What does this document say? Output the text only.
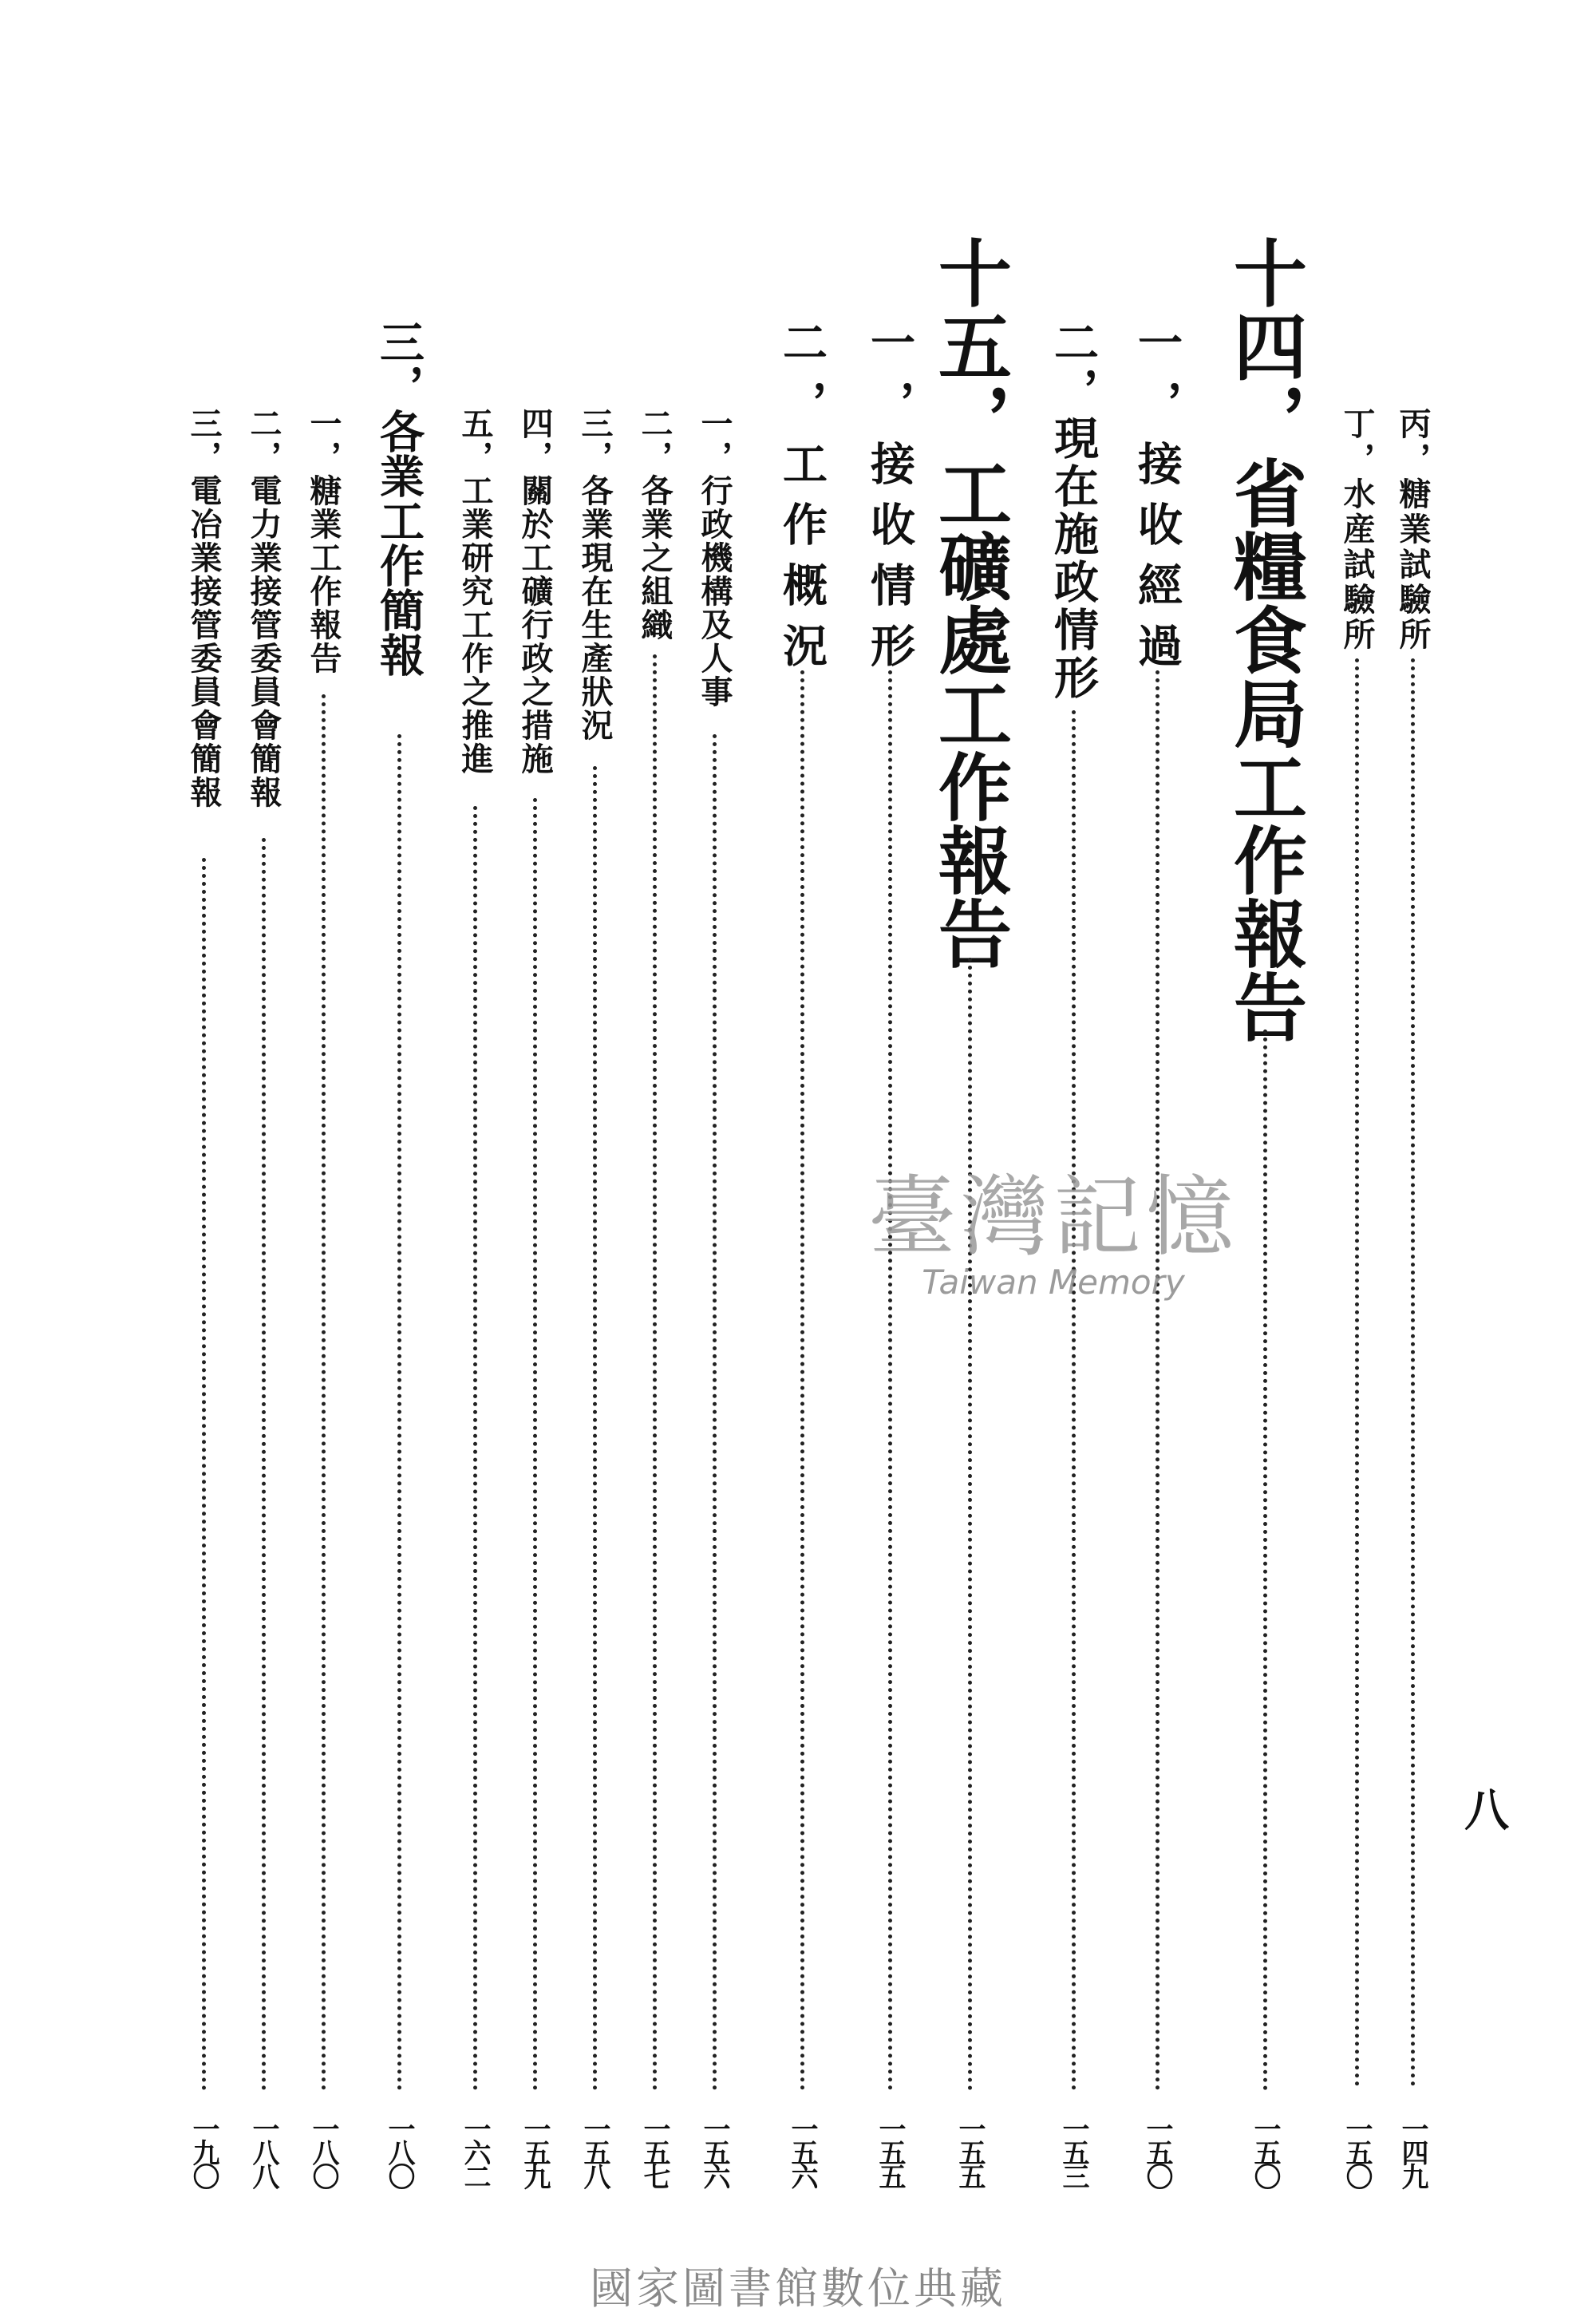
丙，糖業試驗所
一四九
丁，水産試驗所
一五〇
十四，省糧食局工作報告
一五〇
一，接收經過
一五〇
二，現在施政情形
一五三
十五，工礦處工作報告
一五五
一，接收情形
一五五
二，工作概況
一五六
一，行政機構及人事
一五六
二，各業之組織
一五七
三，各業現在生產狀況
一五八
四，關於工礦行政之措施
一五九
五，工業研究工作之推進
一六二
三，各業工作簡報
一八〇
一，糖業工作報告
一八〇
二，電力業接管委員會簡報
一八八
三，電冶業接管委員會簡報
一九〇
八
臺灣記憶
Taiwan Memory
國家圖書館數位典藏
